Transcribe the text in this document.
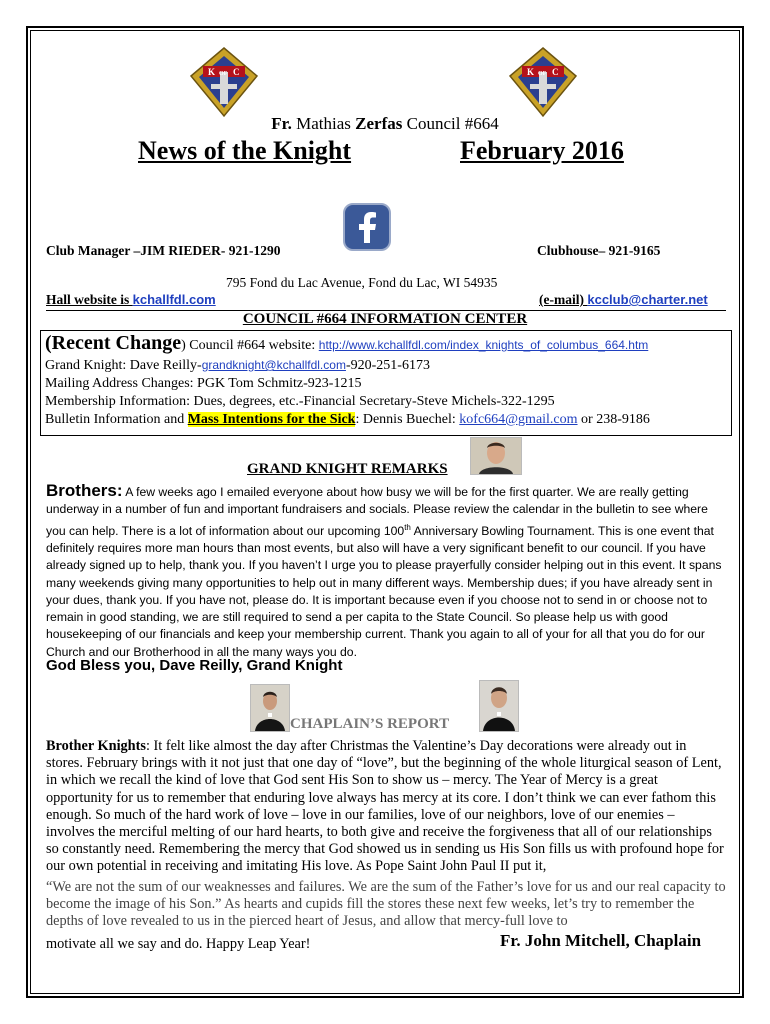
K OF C	K OF C
Fr. Mathias Zerfas Council #664
News of the Knight	February 2016
Club Manager –JIM RIEDER- 921-1290	Clubhouse– 921-9165
795 Fond du Lac Avenue, Fond du Lac, WI 54935
Hall website is kchallfdl.com	(e-mail) kcclub@charter.net
COUNCIL #664 INFORMATION CENTER
(Recent Change) Council #664 website: http://www.kchallfdl.com/index_knights_of_columbus_664.htm
Grand Knight: Dave Reilly-grandknight@kchallfdl.com-920-251-6173
Mailing Address Changes: PGK Tom Schmitz-923-1215
Membership Information: Dues, degrees, etc.-Financial Secretary-Steve Michels-322-1295
Bulletin Information and Mass Intentions for the Sick: Dennis Buechel: kofc664@gmail.com or 238-9186
GRAND KNIGHT REMARKS

Brothers: A few weeks ago I emailed everyone about how busy we will be for the first quarter. We are really getting underway in a number of fun and important fundraisers and socials. Please review the calendar in the bulletin to see where you can help. There is a lot of information about our upcoming 100th Anniversary Bowling Tournament. This is one event that definitely requires more man hours than most events, but also will have a very significant benefit to our council. If you have already signed up to help, thank you. If you haven’t I urge you to please prayerfully consider helping out in this event. It spans many weekends giving many opportunities to help out in many different ways. Membership dues; if you have already sent in your dues, thank you. If you have not, please do. It is important because even if you choose not to send in or choose not to remain in good standing, we are still required to send a per capita to the State Council. So please help us with good housekeeping of our financials and keep your membership current. Thank you again to all of your for all that you do for our Church and our Brotherhood in all the many ways you do.

God Bless you, Dave Reilly, Grand Knight
CHAPLAIN’S REPORT

Brother Knights: It felt like almost the day after Christmas the Valentine’s Day decorations were already out in stores. February brings with it not just that one day of “love”, but the beginning of the whole liturgical season of Lent, in which we recall the kind of love that God sent His Son to show us – mercy. The Year of Mercy is a great opportunity for us to remember that enduring love always has mercy at its core. I don’t think we can ever fathom this enough. So much of the hard work of love – love in our families, love of our neighbors, love of our enemies – involves the merciful melting of our hard hearts, to both give and receive the forgiveness that all of our relationships so constantly need. Remembering the mercy that God showed us in sending us His Son fills us with profound hope for our own potential in receiving and imitating His love. As Pope Saint John Paul II put it,

“We are not the sum of our weaknesses and failures. We are the sum of the Father’s love for us and our real capacity to become the image of his Son.” As hearts and cupids fill the stores these next few weeks, let’s try to remember the depths of love revealed to us in the pierced heart of Jesus, and allow that mercy-full love to

motivate all we say and do. Happy Leap Year!	Fr. John Mitchell, Chaplain
